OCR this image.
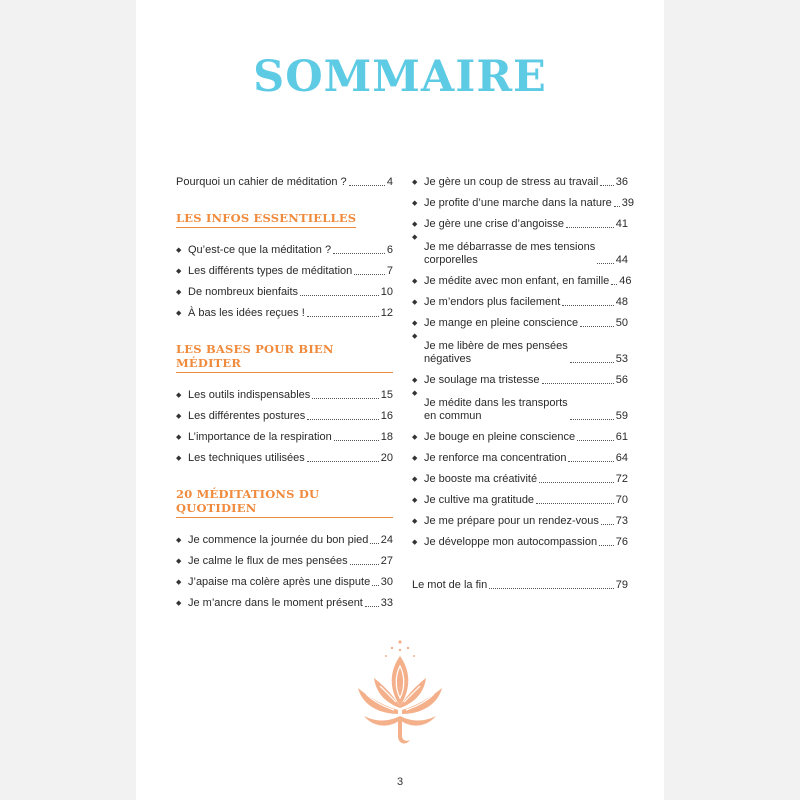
SOMMAIRE
Pourquoi un cahier de méditation ?	4
LES INFOS ESSENTIELLES
◆ Qu’est-ce que la méditation ?	6
◆ Les différents types de méditation	7
◆ De nombreux bienfaits	10
◆ À bas les idées reçues !	12
LES BASES POUR BIEN MÉDITER
◆ Les outils indispensables	15
◆ Les différentes postures	16
◆ L’importance de la respiration	18
◆ Les techniques utilisées	20
20 MÉDITATIONS DU QUOTIDIEN
◆ Je commence la journée du bon pied 24
◆ Je calme le flux de mes pensées	27
◆ J’apaise ma colère après une dispute 30
◆ Je m’ancre dans le moment présent 33
◆ Je gère un coup de stress au travail 36
◆ Je profite d’une marche dans la nature 39
◆ Je gère une crise d’angoisse	41
◆
Je me débarrasse de mes tensions
corporelles	44
◆ Je médite avec mon enfant, en famille 46
◆ Je m’endors plus facilement	48
◆ Je mange en pleine conscience	50
◆
Je me libère de mes pensées
négatives	53
◆ Je soulage ma tristesse	56
◆
Je médite dans les transports
en commun	59
◆ Je bouge en pleine conscience	61
◆ Je renforce ma concentration	64
◆ Je booste ma créativité	72
◆ Je cultive ma gratitude	70
◆ Je me prépare pour un rendez-vous 73
◆ Je développe mon autocompassion 76
Le mot de la fin	79
3
